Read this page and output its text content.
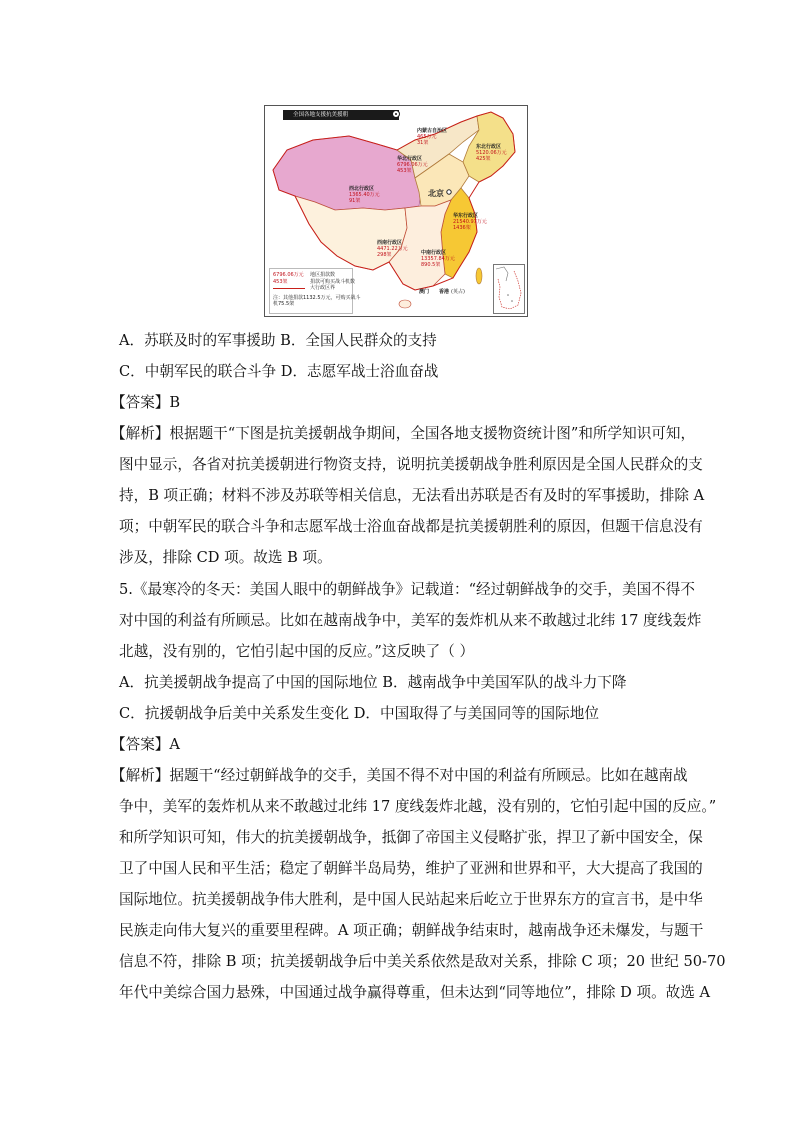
全国各地支援抗美援朝
北京
内蒙古自治区
465万元
31架
东北行政区
5120.06万元
425架
华北行政区
6796.06万元
453架
西北行政区
1365.40万元
91架
华东行政区
21540.97万元
1436架
西南行政区
4471.22万元
298架	中南行政区
13357.84万元
890.5架
澳门 香港 (英占)
6796.06万元 地区捐款数
453架	捐款可购买战斗机数
大行政区界
注：其他捐款1132.5万元，可购买战斗
机75.5架
A．苏联及时的军事援助 B．全国人民群众的支持
C．中朝军民的联合斗争 D．志愿军战士浴血奋战
【答案】B
【解析】根据题干“下图是抗美援朝战争期间，全国各地支援物资统计图”和所学知识可知，
图中显示，各省对抗美援朝进行物资支持，说明抗美援朝战争胜利原因是全国人民群众的支
持，B 项正确；材料不涉及苏联等相关信息，无法看出苏联是否有及时的军事援助，排除 A
项；中朝军民的联合斗争和志愿军战士浴血奋战都是抗美援朝胜利的原因，但题干信息没有
涉及，排除 CD 项。故选 B 项。
5.《最寒冷的冬天：美国人眼中的朝鲜战争》记载道：“经过朝鲜战争的交手，美国不得不
对中国的利益有所顾忌。比如在越南战争中，美军的轰炸机从来不敢越过北纬 17 度线轰炸
北越，没有别的，它怕引起中国的反应。”这反映了（ ）
A．抗美援朝战争提高了中国的国际地位 B．越南战争中美国军队的战斗力下降
C．抗援朝战争后美中关系发生变化 D．中国取得了与美国同等的国际地位
【答案】A
【解析】据题干“经过朝鲜战争的交手，美国不得不对中国的利益有所顾忌。比如在越南战
争中，美军的轰炸机从来不敢越过北纬 17 度线轰炸北越，没有别的，它怕引起中国的反应。”
和所学知识可知，伟大的抗美援朝战争，抵御了帝国主义侵略扩张，捍卫了新中国安全，保
卫了中国人民和平生活；稳定了朝鲜半岛局势，维护了亚洲和世界和平，大大提高了我国的
国际地位。抗美援朝战争伟大胜利，是中国人民站起来后屹立于世界东方的宣言书，是中华
民族走向伟大复兴的重要里程碑。A 项正确；朝鲜战争结束时，越南战争还未爆发，与题干
信息不符，排除 B 项；抗美援朝战争后中美关系依然是敌对关系，排除 C 项；20 世纪 50-70
年代中美综合国力悬殊，中国通过战争赢得尊重，但未达到“同等地位”，排除 D 项。故选 A
